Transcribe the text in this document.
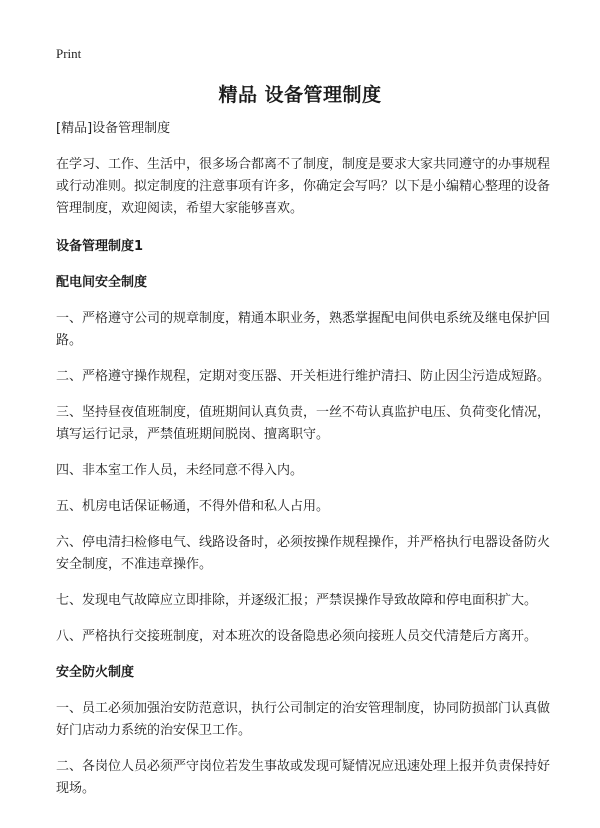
Print
精品 设备管理制度

[精品]设备管理制度

在学习、工作、生活中，很多场合都离不了制度，制度是要求大家共同遵守的办事规程或行动准则。拟定制度的注意事项有许多，你确定会写吗？以下是小编精心整理的设备管理制度，欢迎阅读，希望大家能够喜欢。

设备管理制度1

配电间安全制度

一、严格遵守公司的规章制度，精通本职业务，熟悉掌握配电间供电系统及继电保护回路。

二、严格遵守操作规程，定期对变压器、开关柜进行维护清扫、防止因尘污造成短路。

三、坚持昼夜值班制度，值班期间认真负责，一丝不苟认真监护电压、负荷变化情况，填写运行记录，严禁值班期间脱岗、擅离职守。

四、非本室工作人员，未经同意不得入内。

五、机房电话保证畅通，不得外借和私人占用。

六、停电清扫检修电气、线路设备时，必须按操作规程操作，并严格执行电器设备防火安全制度，不准违章操作。

七、发现电气故障应立即排除，并逐级汇报；严禁误操作导致故障和停电面积扩大。

八、严格执行交接班制度，对本班次的设备隐患必须向接班人员交代清楚后方离开。

安全防火制度

一、员工必须加强治安防范意识，执行公司制定的治安管理制度，协同防损部门认真做好门店动力系统的治安保卫工作。

二、各岗位人员必须严守岗位若发生事故或发现可疑情况应迅速处理上报并负责保持好现场。
